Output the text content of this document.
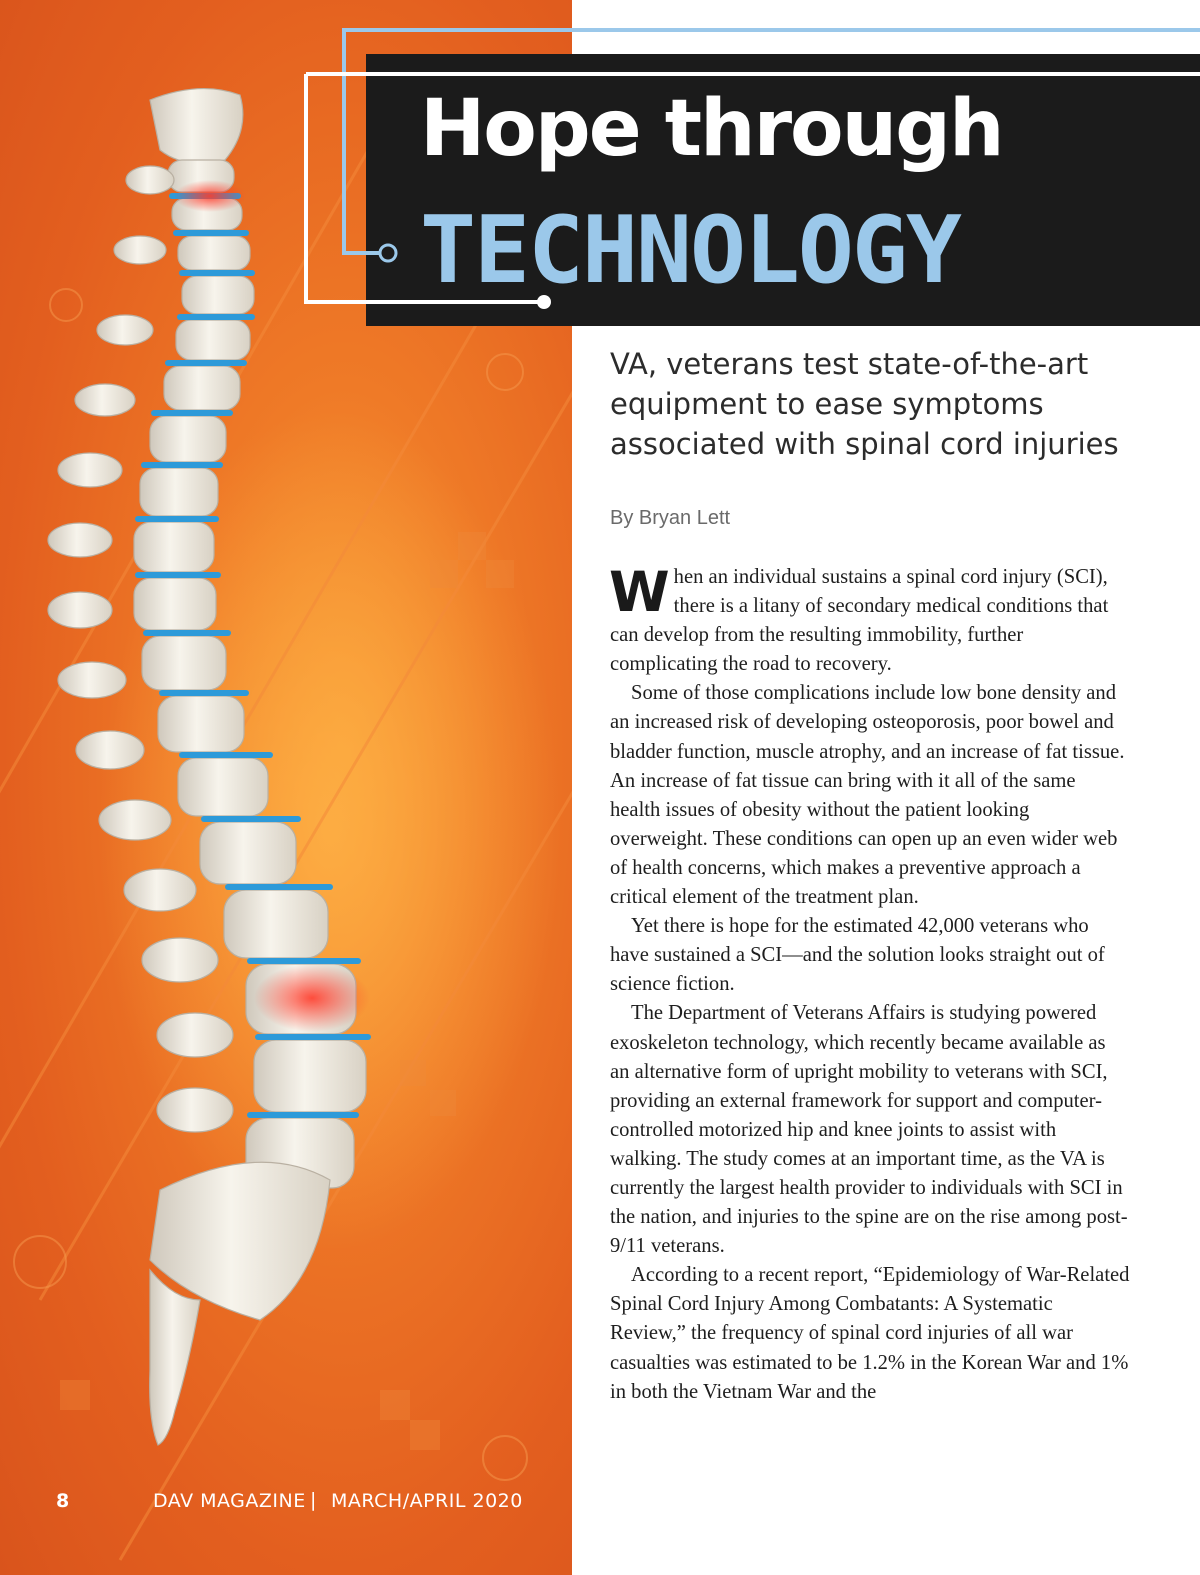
8	DAV MAGAZINE | MARCH/APRIL 2020
Hope through
TECHNOLOGY
VA, veterans test state-of-the-art equipment to ease symptoms associated with spinal cord injuries
By Bryan Lett

When an individual sustains a spinal cord injury (SCI), there is a litany of secondary medical conditions that can develop from the resulting immobility, further complicating the road to recovery.

Some of those complications include low bone density and an increased risk of developing osteoporosis, poor bowel and bladder function, muscle atrophy, and an increase of fat tissue. An increase of fat tissue can bring with it all of the same health issues of obesity without the patient looking overweight. These conditions can open up an even wider web of health concerns, which makes a preventive approach a critical element of the treatment plan.

Yet there is hope for the estimated 42,000 veterans who have sustained a SCI—and the solution looks straight out of science fiction.

The Department of Veterans Affairs is studying powered exoskeleton technology, which recently became available as an alternative form of upright mobility to veterans with SCI, providing an external framework for support and computer-controlled motorized hip and knee joints to assist with walking. The study comes at an important time, as the VA is currently the largest health provider to individuals with SCI in the nation, and injuries to the spine are on the rise among post-9/11 veterans.

According to a recent report, “Epidemiology of War-Related Spinal Cord Injury Among Combatants: A Systematic Review,” the frequency of spinal cord injuries of all war casualties was estimated to be 1.2% in the Korean War and 1% in both the Vietnam War and the
